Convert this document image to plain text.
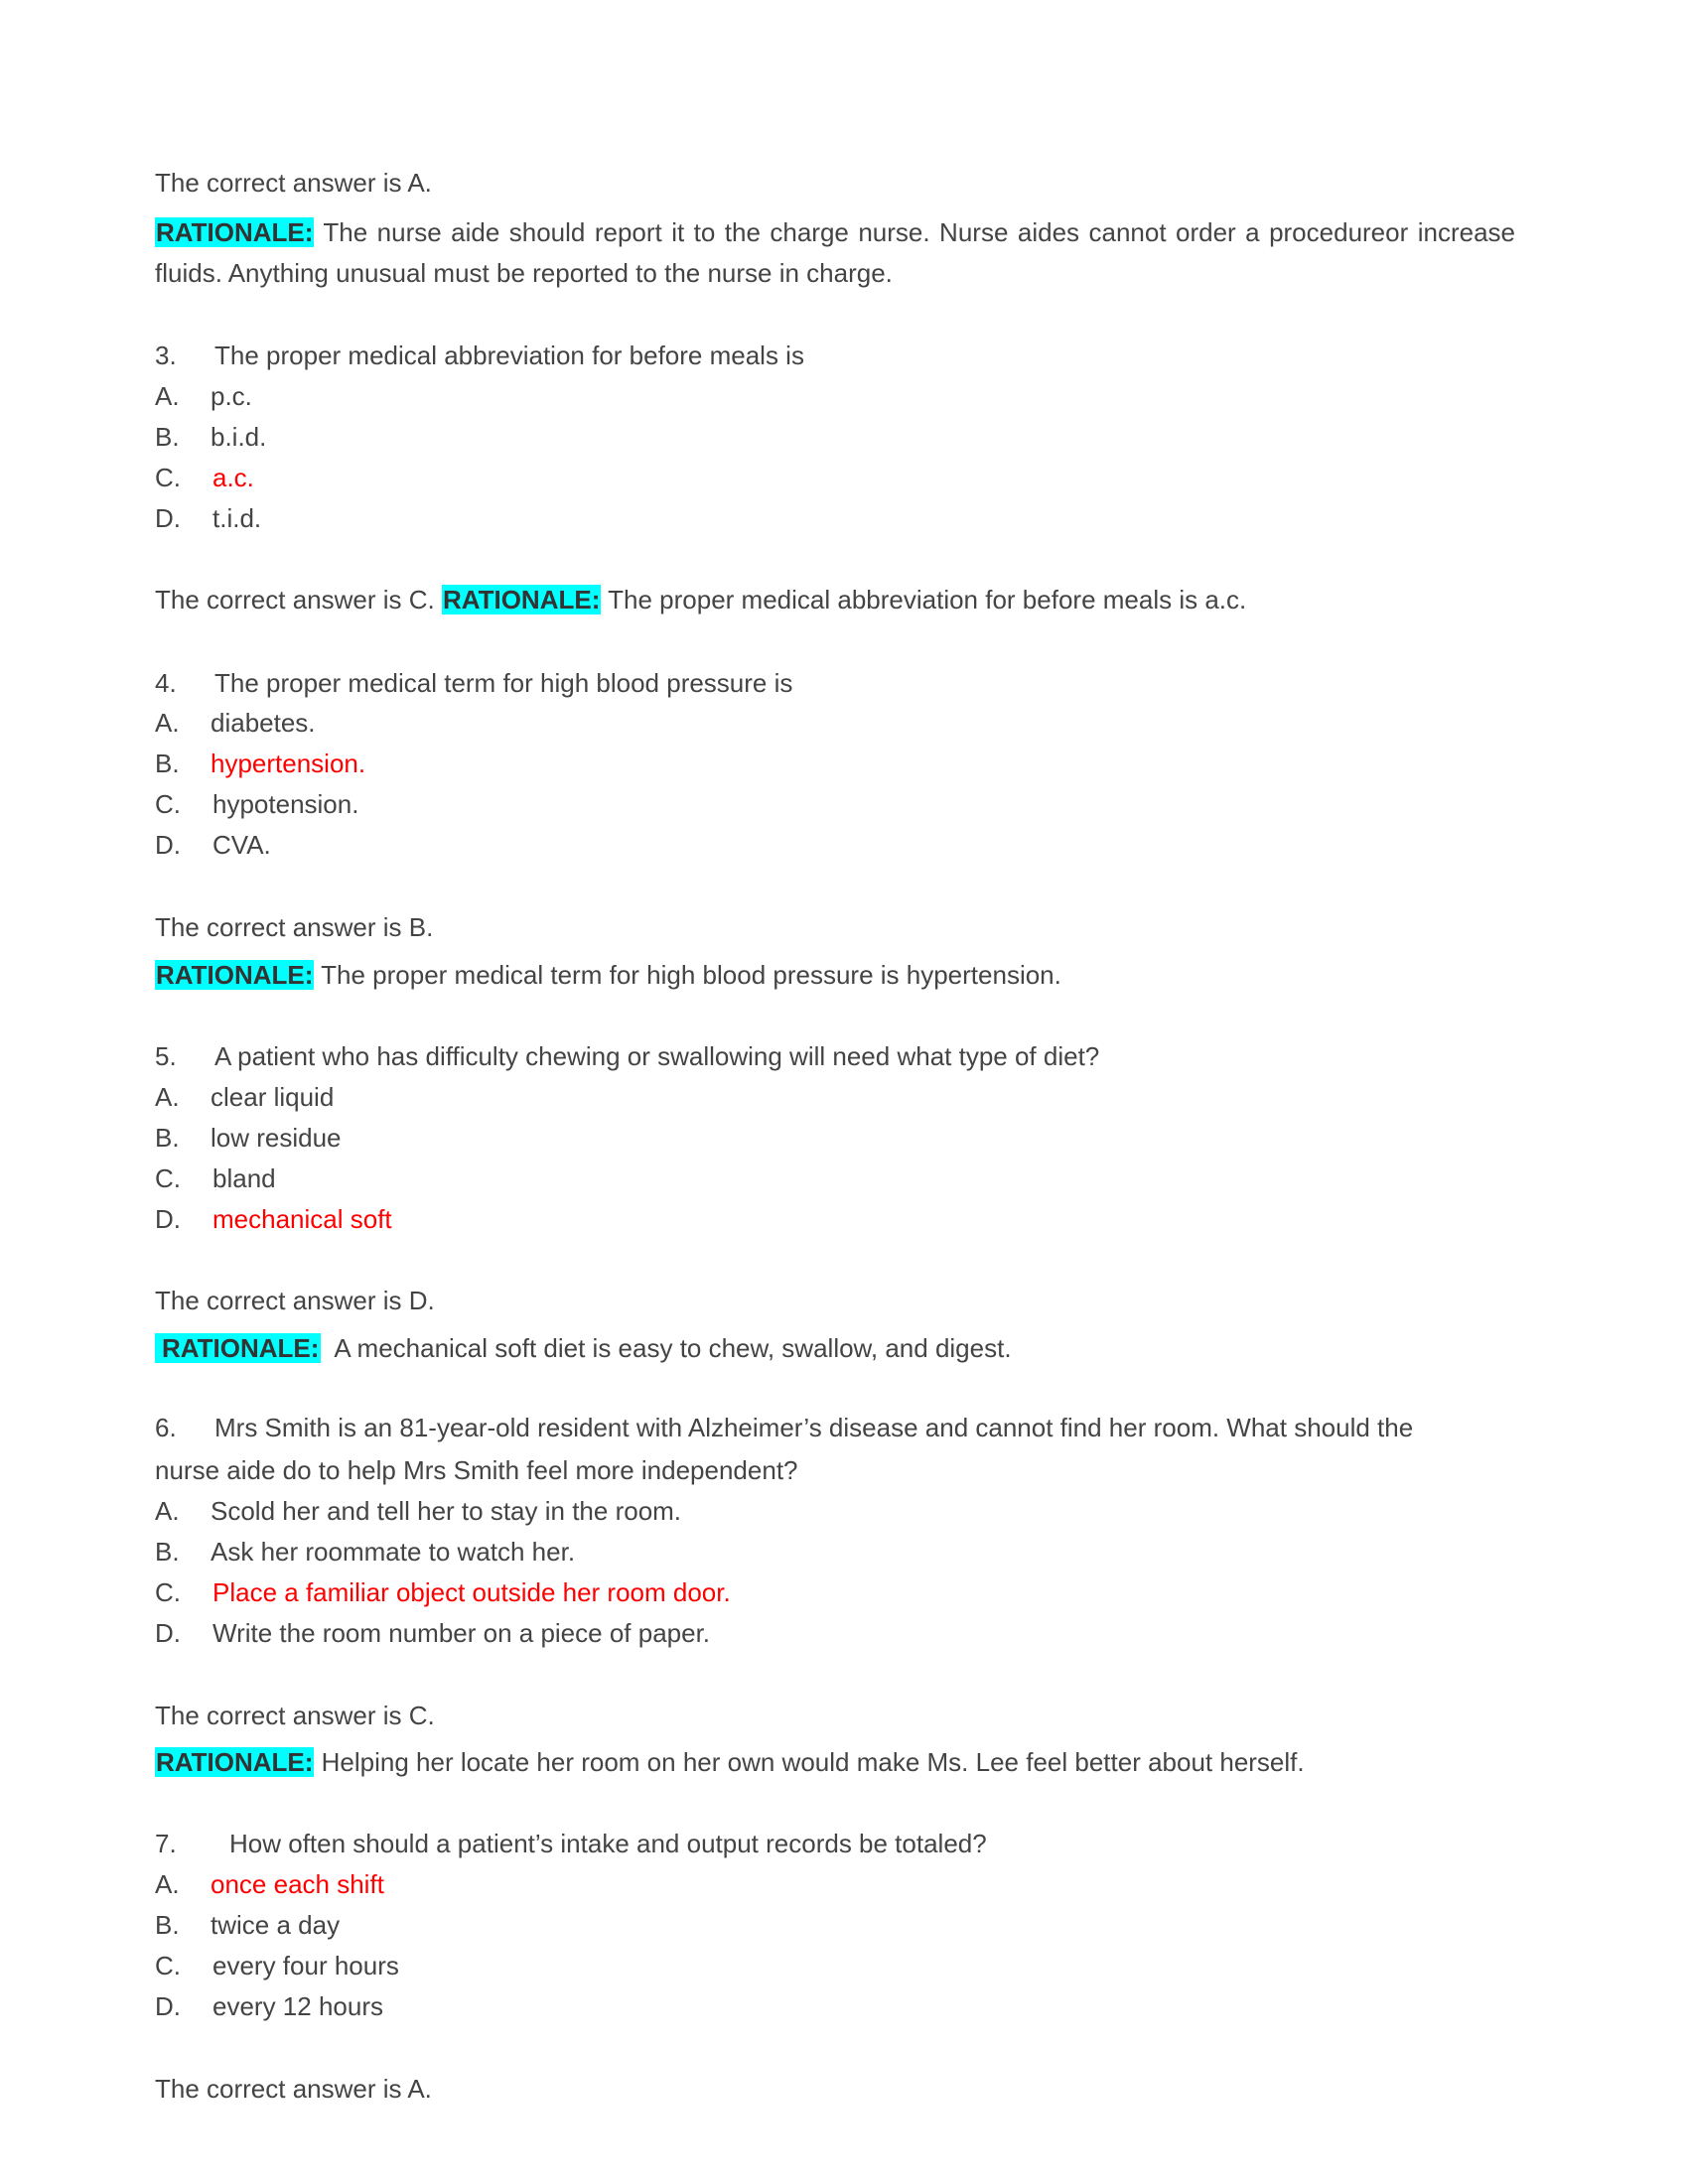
The correct answer is A.
RATIONALE: The nurse aide should report it to the charge nurse. Nurse aides cannot order a procedureor increase fluids. Anything unusual must be reported to the nurse in charge.
3. The proper medical abbreviation for before meals is
A. p.c.
B. b.i.d.
C. a.c.
D. t.i.d.
The correct answer is C. RATIONALE: The proper medical abbreviation for before meals is a.c.
4. The proper medical term for high blood pressure is
A. diabetes.
B. hypertension.
C. hypotension.
D. CVA.
The correct answer is B.
RATIONALE: The proper medical term for high blood pressure is hypertension.
5. A patient who has difficulty chewing or swallowing will need what type of diet?
A. clear liquid
B. low residue
C. bland
D. mechanical soft
The correct answer is D.
RATIONALE: A mechanical soft diet is easy to chew, swallow, and digest.
6. Mrs Smith is an 81-year-old resident with Alzheimer’s disease and cannot find her room. What should the
nurse aide do to help Mrs Smith feel more independent?
A. Scold her and tell her to stay in the room.
B. Ask her roommate to watch her.
C. Place a familiar object outside her room door.
D. Write the room number on a piece of paper.
The correct answer is C.
RATIONALE: Helping her locate her room on her own would make Ms. Lee feel better about herself.
7. How often should a patient’s intake and output records be totaled?
A. once each shift
B. twice a day
C. every four hours
D. every 12 hours
The correct answer is A.
